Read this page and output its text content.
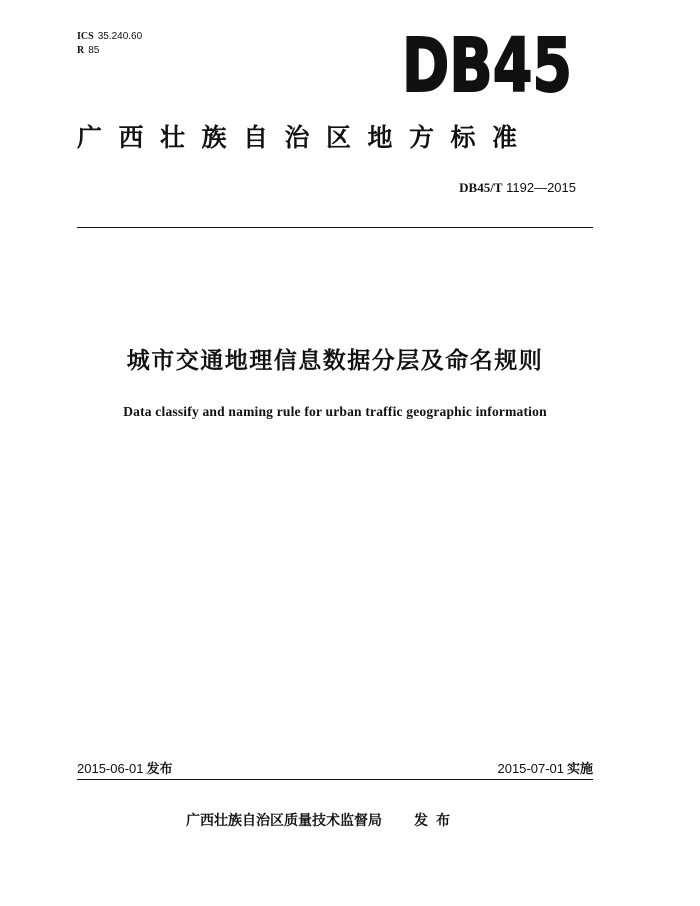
ICS 35.240.60
R 85	DB45
广西壮族自治区地方标准
DB45/T 1192—2015
城市交通地理信息数据分层及命名规则
Data classify and naming rule for urban traffic geographic information
2015-06-01 发布	2015-07-01 实施
广西壮族自治区质量技术监督局 发布
